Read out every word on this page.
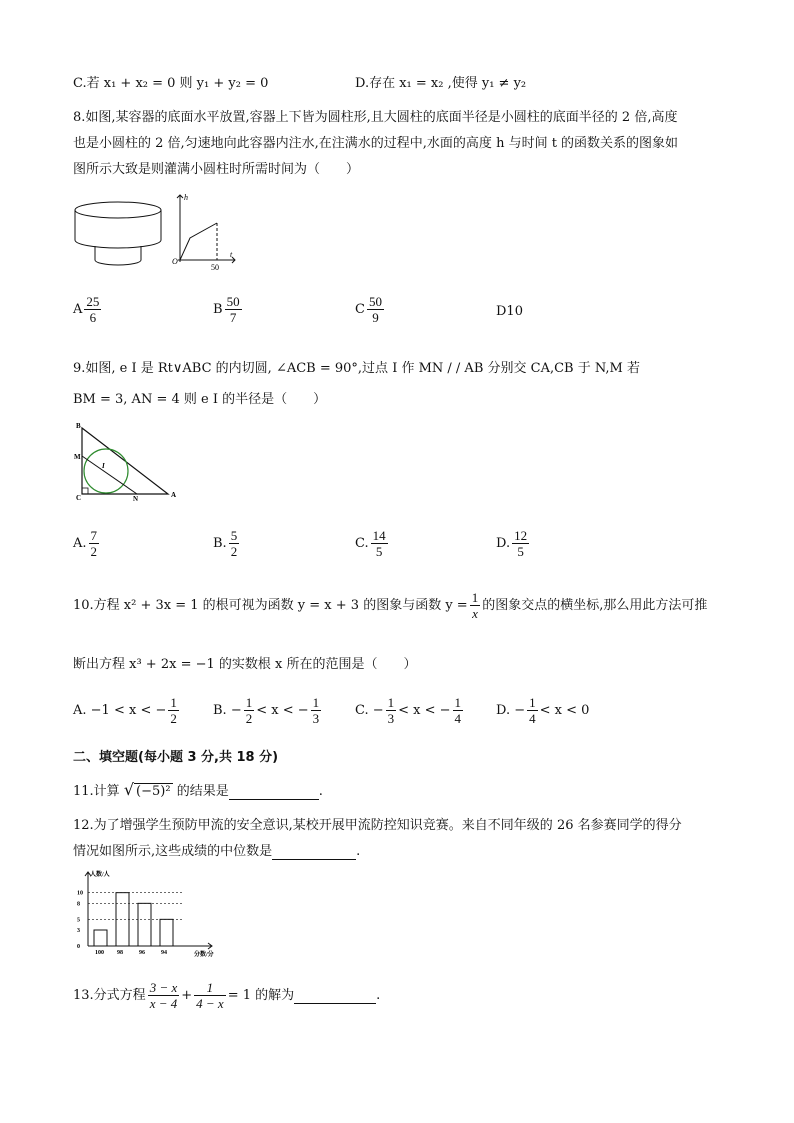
C.若 x₁ + x₂ = 0 则 y₁ + y₂ = 0	D.存在 x₁ = x₂ ,使得 y₁ ≠ y₂
8.如图,某容器的底面水平放置,容器上下皆为圆柱形,且大圆柱的底面半径是小圆柱的底面半径的 2 倍,高度
也是小圆柱的 2 倍,匀速地向此容器内注水,在注满水的过程中,水面的高度 h 与时间 t 的函数关系的图象如
图所示大致是则灌满小圆柱时所需时间为（　　）
O
50
t
h
A $\frac{25}{6}$	B $\frac{50}{7}$	C $\frac{50}{9}$	D10
9.如图, e I 是 Rt∨ABC 的内切圆, ∠ACB = 90°,过点 I 作 MN / / AB 分别交 CA,CB 于 N,M 若
BM = 3, AN = 4 则 e I 的半径是（　　）
B
M
I
C	N	A
A. $\frac{7}{2}$	B. $\frac{5}{2}$	C. $\frac{14}{5}$	D. $\frac{12}{5}$
10.方程 x² + 3x = 1 的根可视为函数 y = x + 3 的图象与函数 $y = \frac{1}{x}$ 的图象交点的横坐标,那么用此方法可推
断出方程 x³ + 2x = −1 的实数根 x 所在的范围是（　　）
A. −1 < x < − $\frac{1}{2}$	B. − $\frac{1}{2} < x$ < − $\frac{1}{3}$	C. − $\frac{1}{3} < x$ < − $\frac{1}{4}$	D. − $\frac{1}{4} < x < 0$
二、填空题(每小题 3 分,共 18 分)
11.计算 √ (−5)² 的结果是	.
12.为了增强学生预防甲流的安全意识,某校开展甲流防控知识竞赛。来自不同年级的 26 名参赛同学的得分
情况如图所示,这些成绩的中位数是	.
人数/人
分数/分
0
3
5
8
10
100 98	96	94
13.分式方程 $\frac{3 - x}{x - 4} + \frac{1}{4 - x} = 1$ 的解为	.
